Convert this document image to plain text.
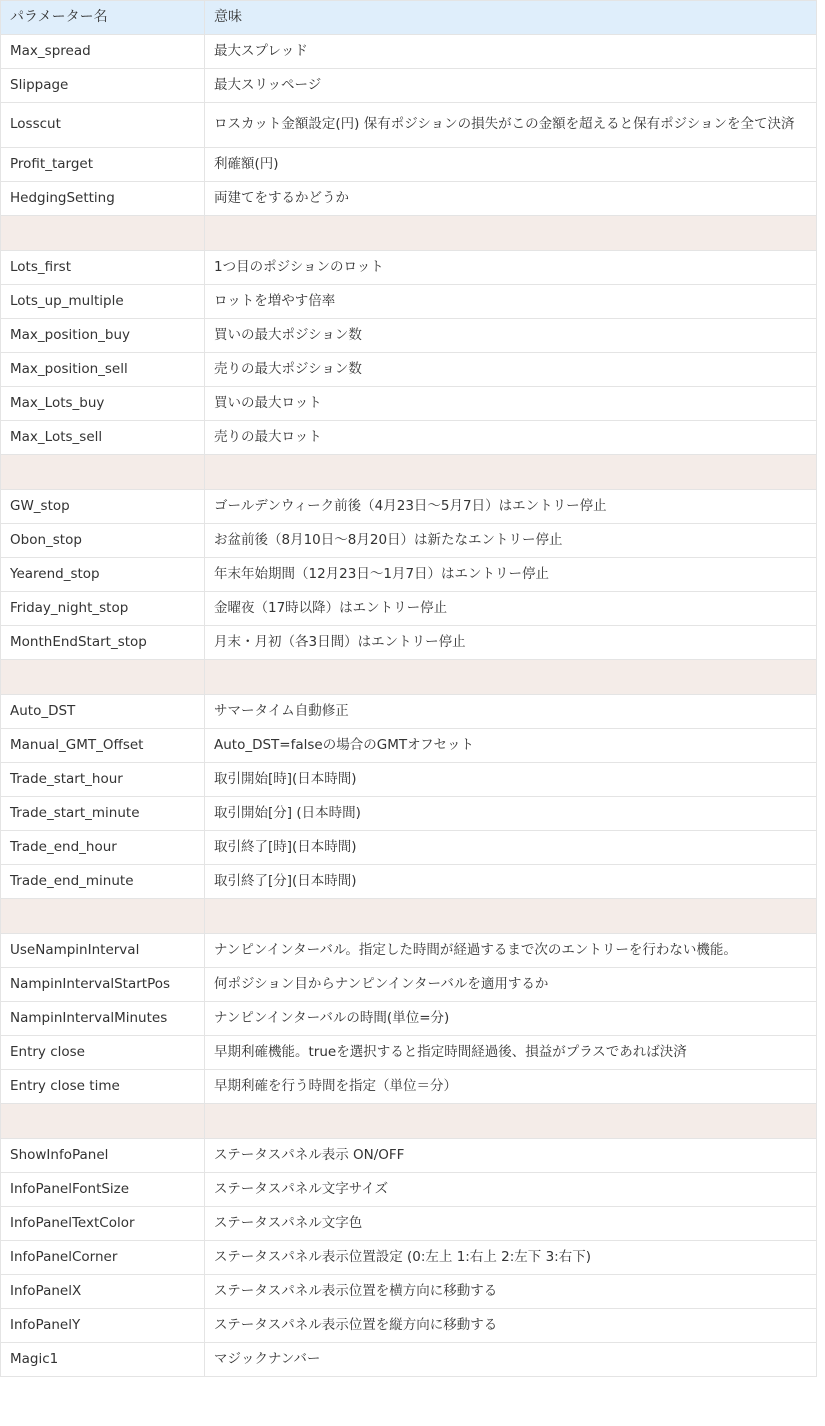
パラメーター名	意味
Max_spread	最大スプレッド
Slippage	最大スリッページ
Losscut	ロスカット金額設定(円) 保有ポジションの損失がこの金額を超えると保有ポジションを全て決済
Profit_target	利確額(円)
HedgingSetting	両建てをするかどうか

Lots_first	1つ目のポジションのロット
Lots_up_multiple	ロットを増やす倍率
Max_position_buy	買いの最大ポジション数
Max_position_sell	売りの最大ポジション数
Max_Lots_buy	買いの最大ロット
Max_Lots_sell	売りの最大ロット

GW_stop	ゴールデンウィーク前後（4月23日～5月7日）はエントリー停止
Obon_stop	お盆前後（8月10日～8月20日）は新たなエントリー停止
Yearend_stop	年末年始期間（12月23日～1月7日）はエントリー停止
Friday_night_stop	金曜夜（17時以降）はエントリー停止
MonthEndStart_stop	月末・月初（各3日間）はエントリー停止

Auto_DST	サマータイム自動修正
Manual_GMT_Offset	Auto_DST=falseの場合のGMTオフセット
Trade_start_hour	取引開始[時](日本時間)
Trade_start_minute	取引開始[分] (日本時間)
Trade_end_hour	取引終了[時](日本時間)
Trade_end_minute	取引終了[分](日本時間)

UseNampinInterval	ナンピンインターバル。指定した時間が経過するまで次のエントリーを行わない機能。
NampinIntervalStartPos	何ポジション目からナンピンインターバルを適用するか
NampinIntervalMinutes	ナンピンインターバルの時間(単位=分)
Entry close	早期利確機能。trueを選択すると指定時間経過後、損益がプラスであれば決済
Entry close time	早期利確を行う時間を指定（単位＝分）

ShowInfoPanel	ステータスパネル表示 ON/OFF
InfoPanelFontSize	ステータスパネル文字サイズ
InfoPanelTextColor	ステータスパネル文字色
InfoPanelCorner	ステータスパネル表示位置設定 (0:左上 1:右上 2:左下 3:右下)
InfoPanelX	ステータスパネル表示位置を横方向に移動する
InfoPanelY	ステータスパネル表示位置を縦方向に移動する
Magic1	マジックナンバー
